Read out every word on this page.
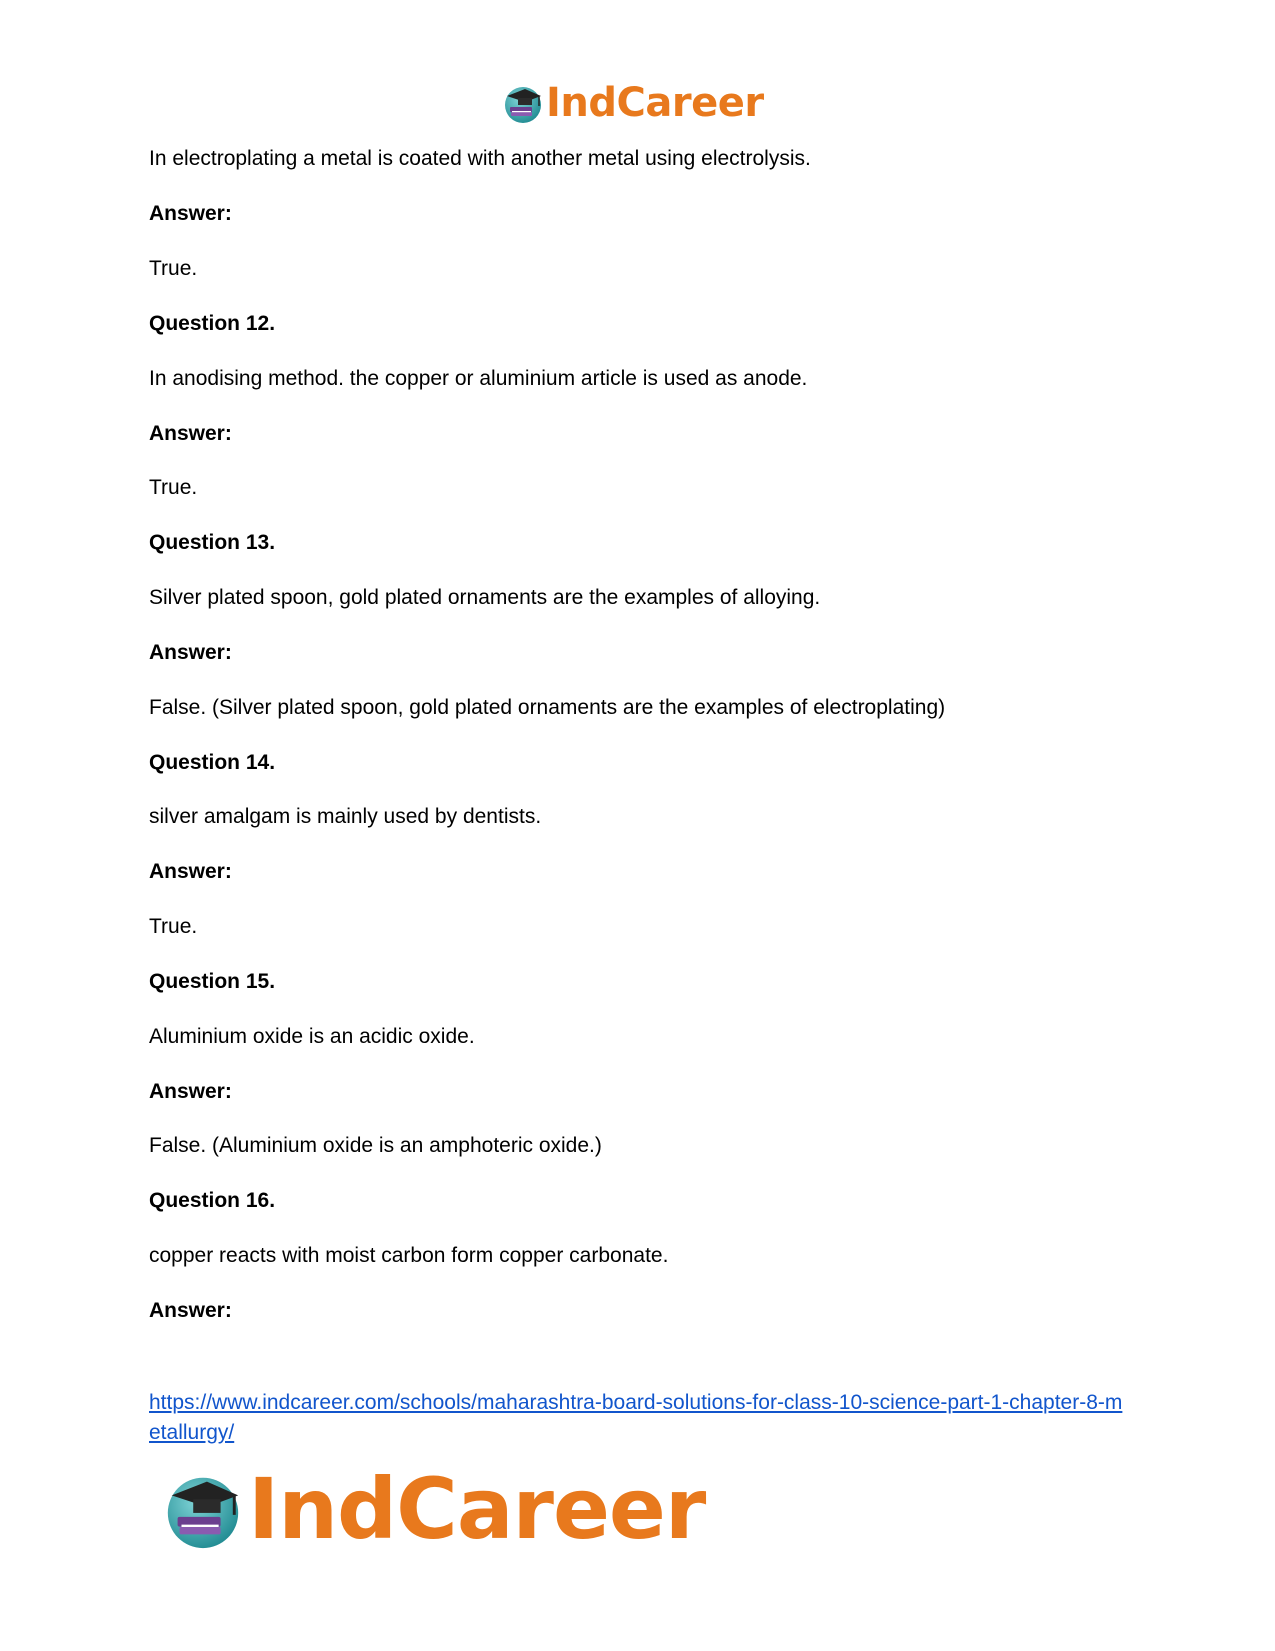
IndCareer
In electroplating a metal is coated with another metal using electrolysis.
Answer:
True.
Question 12.
In anodising method. the copper or aluminium article is used as anode.
Answer:
True.
Question 13.
Silver plated spoon, gold plated ornaments are the examples of alloying.
Answer:
False. (Silver plated spoon, gold plated ornaments are the examples of electroplating)
Question 14.
silver amalgam is mainly used by dentists.
Answer:
True.
Question 15.
Aluminium oxide is an acidic oxide.
Answer:
False. (Aluminium oxide is an amphoteric oxide.)
Question 16.
copper reacts with moist carbon form copper carbonate.
Answer:
https://www.indcareer.com/schools/maharashtra-board-solutions-for-class-10-science-part-1-chapter-8-metallurgy/
IndCareer
